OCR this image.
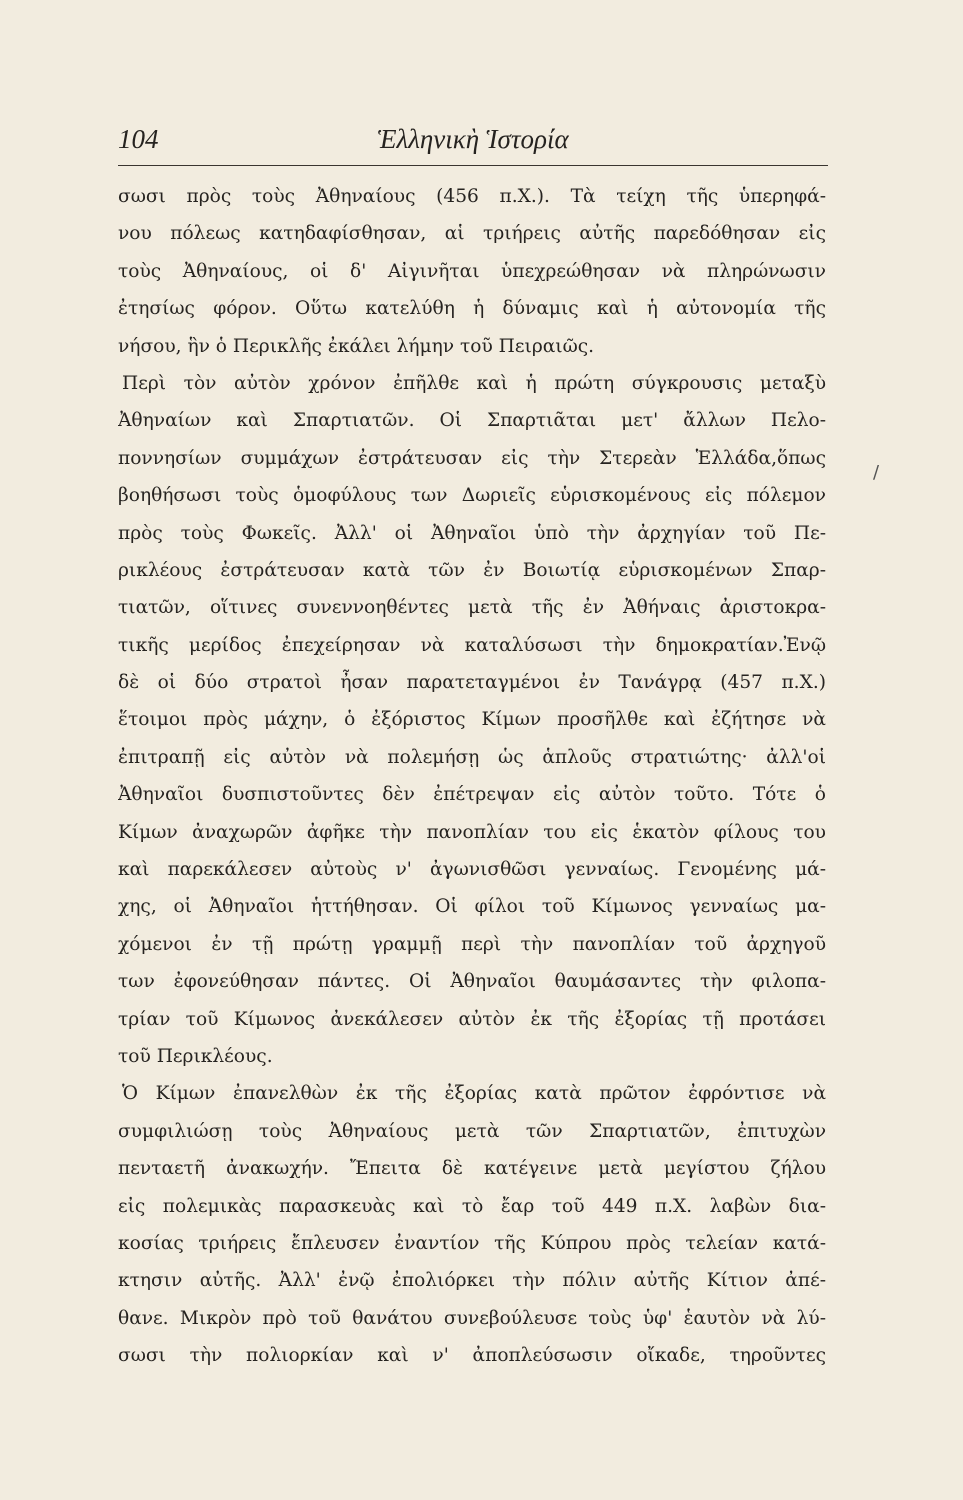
104	Ἑλληνικὴ Ἱστορία
σωσι πρὸς τοὺς Ἀθηναίους (456 π.Χ.). Τὰ τείχη τῆς ὑπερηφά-
νου πόλεως κατηδαφίσθησαν, αἱ τριήρεις αὐτῆς παρεδόθησαν εἰς
τοὺς Ἀθηναίους, οἱ δ' Αἰγινῆται ὑπεχρεώθησαν νὰ πληρώνωσιν
ἐτησίως φόρον. Οὕτω κατελύθη ἡ δύναμις καὶ ἡ αὐτονομία τῆς
νήσου, ἣν ὁ Περικλῆς ἐκάλει λήμην τοῦ Πειραιῶς.
Περὶ τὸν αὐτὸν χρόνον ἐπῆλθε καὶ ἡ πρώτη σύγκρουσις μεταξὺ
Ἀθηναίων καὶ Σπαρτιατῶν. Οἱ Σπαρτιᾶται μετ' ἄλλων Πελο-
ποννησίων συμμάχων ἐστράτευσαν εἰς τὴν Στερεὰν Ἑλλάδα,ὅπως
βοηθήσωσι τοὺς ὁμοφύλους των Δωριεῖς εὑρισκομένους εἰς πόλεμον
πρὸς τοὺς Φωκεῖς. Ἀλλ' οἱ Ἀθηναῖοι ὑπὸ τὴν ἀρχηγίαν τοῦ Πε-
ρικλέους ἐστράτευσαν κατὰ τῶν ἐν Βοιωτίᾳ εὑρισκομένων Σπαρ-
τιατῶν, οἵτινες συνεννοηθέντες μετὰ τῆς ἐν Ἀθήναις ἀριστοκρα-
τικῆς μερίδος ἐπεχείρησαν νὰ καταλύσωσι τὴν δημοκρατίαν.Ἐνῷ
δὲ οἱ δύο στρατοὶ ἦσαν παρατεταγμένοι ἐν Τανάγρᾳ (457 π.Χ.)
ἕτοιμοι πρὸς μάχην, ὁ ἐξόριστος Κίμων προσῆλθε καὶ ἐζήτησε νὰ
ἐπιτραπῇ εἰς αὐτὸν νὰ πολεμήσῃ ὡς ἁπλοῦς στρατιώτης· ἀλλ'οἱ
Ἀθηναῖοι δυσπιστοῦντες δὲν ἐπέτρεψαν εἰς αὐτὸν τοῦτο. Τότε ὁ
Κίμων ἀναχωρῶν ἀφῆκε τὴν πανοπλίαν του εἰς ἑκατὸν φίλους του
καὶ παρεκάλεσεν αὐτοὺς ν' ἀγωνισθῶσι γενναίως. Γενομένης μά-
χης, οἱ Ἀθηναῖοι ἡττήθησαν. Οἱ φίλοι τοῦ Κίμωνος γενναίως μα-
χόμενοι ἐν τῇ πρώτῃ γραμμῇ περὶ τὴν πανοπλίαν τοῦ ἀρχηγοῦ
των ἐφονεύθησαν πάντες. Οἱ Ἀθηναῖοι θαυμάσαντες τὴν φιλοπα-
τρίαν τοῦ Κίμωνος ἀνεκάλεσεν αὐτὸν ἐκ τῆς ἐξορίας τῇ προτάσει
τοῦ Περικλέους.
Ὁ Κίμων ἐπανελθὼν ἐκ τῆς ἐξορίας κατὰ πρῶτον ἐφρόντισε νὰ
συμφιλιώσῃ τοὺς Ἀθηναίους μετὰ τῶν Σπαρτιατῶν, ἐπιτυχὼν
πενταετῆ ἀνακωχήν. Ἔπειτα δὲ κατέγεινε μετὰ μεγίστου ζήλου
εἰς πολεμικὰς παρασκευὰς καὶ τὸ ἔαρ τοῦ 449 π.Χ. λαβὼν δια-
κοσίας τριήρεις ἔπλευσεν ἐναντίον τῆς Κύπρου πρὸς τελείαν κατά-
κτησιν αὐτῆς. Ἀλλ' ἐνῷ ἐπολιόρκει τὴν πόλιν αὐτῆς Κίτιον ἀπέ-
θανε. Μικρὸν πρὸ τοῦ θανάτου συνεβούλευσε τοὺς ὑφ' ἑαυτὸν νὰ λύ-
σωσι τὴν πολιορκίαν καὶ ν' ἀποπλεύσωσιν οἴκαδε, τηροῦντες
/
